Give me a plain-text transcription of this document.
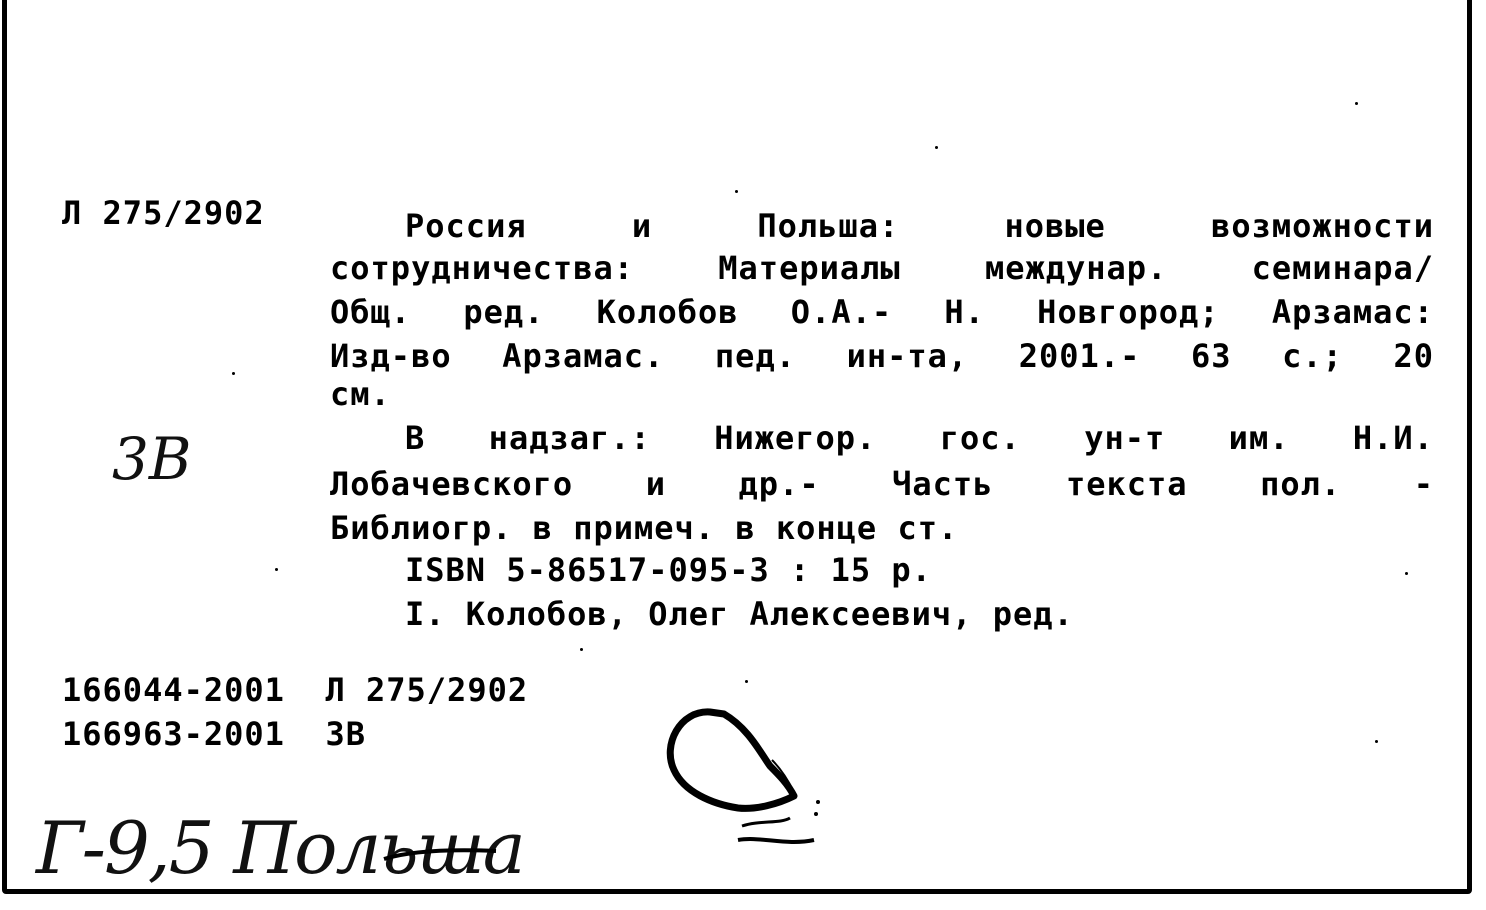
Л 275/2902	Россия	и	Польша:	новые	возможности
сотрудничества:	Материалы	междунар.	семинара/
Общ. ред. Колобов О.А.- Н. Новгород; Арзамас:
Изд-во Арзамас. пед. ин-та, 2001.- 63 с.; 20
см.
В надзаг.: Нижегор. гос. ун-т им. Н.И.
Лобачевского и др.- Часть текста пол. -
Библиогр. в примеч. в конце ст.
ISBN 5-86517-095-3 : 15 р.
I. Колобов, Олег Алексеевич, ред.
3В
166044-2001 Л 275/2902
166963-2001 3В
Г-9,5 Польша
